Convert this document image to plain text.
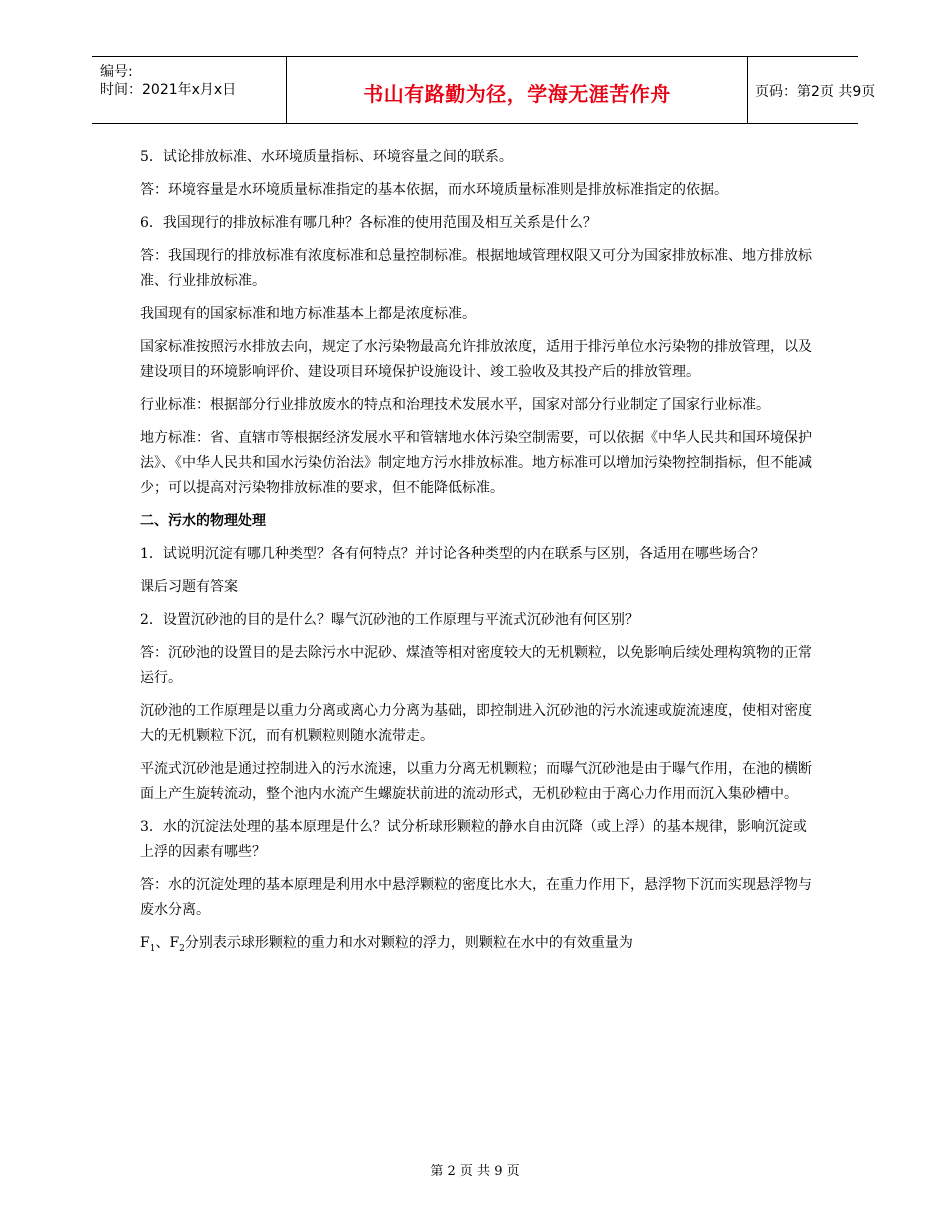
编号:
时间：2021年x月x日	书山有路勤为径，学海无涯苦作舟	页码：第2页 共9页

5．试论排放标准、水环境质量指标、环境容量之间的联系。

答：环境容量是水环境质量标准指定的基本依据，而水环境质量标准则是排放标准指定的依据。

6．我国现行的排放标准有哪几种？各标准的使用范围及相互关系是什么？

答：我国现行的排放标准有浓度标准和总量控制标准。根据地域管理权限又可分为国家排放标准、地方排放标准、行业排放标准。

我国现有的国家标准和地方标准基本上都是浓度标准。

国家标准按照污水排放去向，规定了水污染物最高允许排放浓度，适用于排污单位水污染物的排放管理，以及建设项目的环境影响评价、建设项目环境保护设施设计、竣工验收及其投产后的排放管理。

行业标准：根据部分行业排放废水的特点和治理技术发展水平，国家对部分行业制定了国家行业标准。

地方标准：省、直辖市等根据经济发展水平和管辖地水体污染空制需要，可以依据《中华人民共和国环境保护法》、《中华人民共和国水污染仿治法》制定地方污水排放标准。地方标准可以增加污染物控制指标，但不能减少；可以提高对污染物排放标准的要求，但不能降低标准。

二、污水的物理处理

1．试说明沉淀有哪几种类型？各有何特点？并讨论各种类型的内在联系与区别，各适用在哪些场合？

课后习题有答案

2．设置沉砂池的目的是什么？曝气沉砂池的工作原理与平流式沉砂池有何区别？

答：沉砂池的设置目的是去除污水中泥砂、煤渣等相对密度较大的无机颗粒，以免影响后续处理构筑物的正常运行。

沉砂池的工作原理是以重力分离或离心力分离为基础，即控制进入沉砂池的污水流速或旋流速度，使相对密度大的无机颗粒下沉，而有机颗粒则随水流带走。

平流式沉砂池是通过控制进入的污水流速，以重力分离无机颗粒；而曝气沉砂池是由于曝气作用，在池的横断面上产生旋转流动，整个池内水流产生螺旋状前进的流动形式，无机砂粒由于离心力作用而沉入集砂槽中。

3．水的沉淀法处理的基本原理是什么？试分析球形颗粒的静水自由沉降（或上浮）的基本规律，影响沉淀或上浮的因素有哪些？

答：水的沉淀处理的基本原理是利用水中悬浮颗粒的密度比水大，在重力作用下，悬浮物下沉而实现悬浮物与废水分离。

$F_1$、$F_2$分别表示球形颗粒的重力和水对颗粒的浮力，则颗粒在水中的有效重量为

第 2 页 共 9 页
